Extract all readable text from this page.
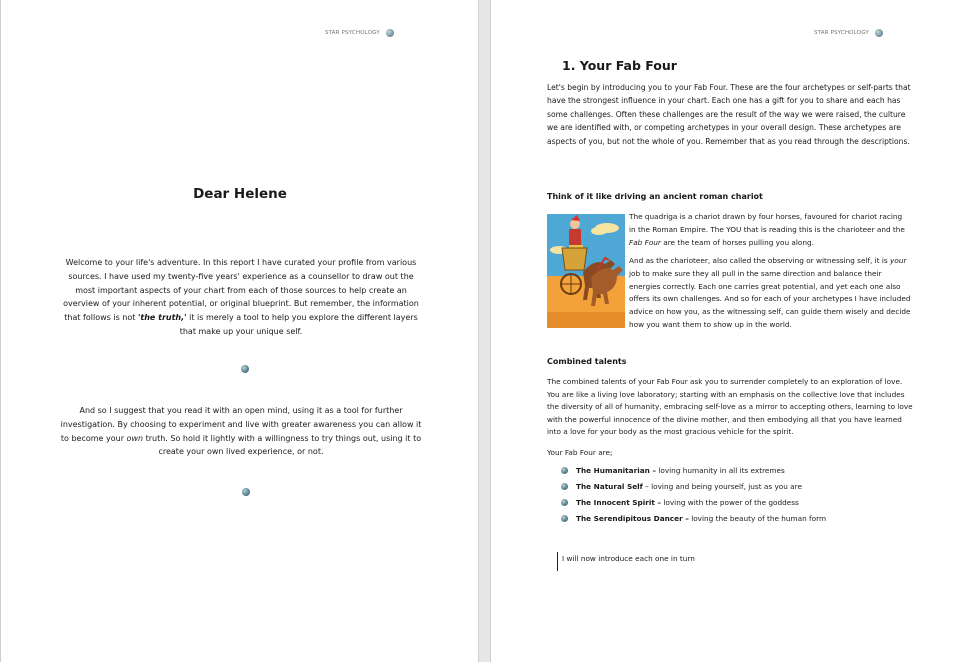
STAR PSYCHOLOGY
Dear Helene
Welcome to your life's adventure. In this report I have curated your profile from various sources. I have used my twenty-five years' experience as a counsellor to draw out the most important aspects of your chart from each of those sources to help create an overview of your inherent potential, or original blueprint. But remember, the information that follows is not 'the truth,' it is merely a tool to help you explore the different layers that make up your unique self.
And so I suggest that you read it with an open mind, using it as a tool for further investigation. By choosing to experiment and live with greater awareness you can allow it to become your own truth. So hold it lightly with a willingness to try things out, using it to create your own lived experience, or not.
STAR PSYCHOLOGY
1. Your Fab Four
Let's begin by introducing you to your Fab Four. These are the four archetypes or self-parts that have the strongest influence in your chart. Each one has a gift for you to share and each has some challenges. Often these challenges are the result of the way we were raised, the culture we are identified with, or competing archetypes in your overall design. These archetypes are aspects of you, but not the whole of you. Remember that as you read through the descriptions.
Think of it like driving an ancient roman chariot
The quadriga is a chariot drawn by four horses, favoured for chariot racing in the Roman Empire. The YOU that is reading this is the charioteer and the Fab Four are the team of horses pulling you along.
And as the charioteer, also called the observing or witnessing self, it is your job to make sure they all pull in the same direction and balance their energies correctly. Each one carries great potential, and yet each one also offers its own challenges. And so for each of your archetypes I have included advice on how you, as the witnessing self, can guide them wisely and decide how you want them to show up in the world.
Combined talents
The combined talents of your Fab Four ask you to surrender completely to an exploration of love. You are like a living love laboratory; starting with an emphasis on the collective love that includes the diversity of all of humanity, embracing self-love as a mirror to accepting others, learning to love with the powerful innocence of the divine mother, and then embodying all that you have learned into a love for your body as the most gracious vehicle for the spirit.
Your Fab Four are;
The Humanitarian – loving humanity in all its extremes
The Natural Self – loving and being yourself, just as you are
The Innocent Spirit – loving with the power of the goddess
The Serendipitous Dancer – loving the beauty of the human form
I will now introduce each one in turn
